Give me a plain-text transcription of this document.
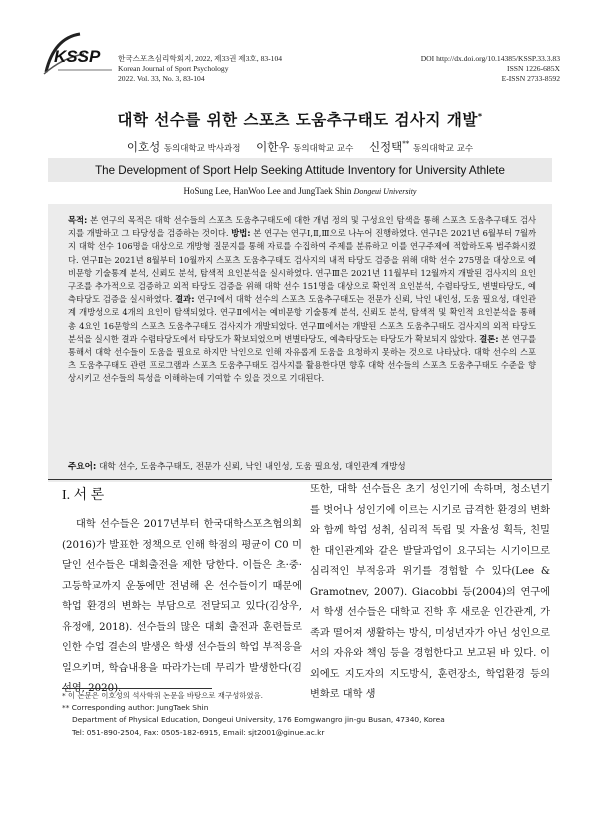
KSSP 한국스포츠심리학회지, 2022, 제33권 제3호, 83-104
Korean Journal of Sport Psychology
2022. Vol. 33, No. 3, 83-104
DOI http://dx.doi.org/10.14385/KSSP.33.3.83
ISSN 1226-685X
E-ISSN 2733-8592
대학 선수를 위한 스포츠 도움추구태도 검사지 개발*
이호성 동의대학교 박사과정 이한우 동의대학교 교수 신정택** 동의대학교 교수
The Development of Sport Help Seeking Attitude Inventory for University Athlete
HoSung Lee, HanWoo Lee and JungTaek Shin Dongeui University
목적: 본 연구의 목적은 대학 선수들의 스포츠 도움추구태도에 대한 개념 정의 및 구성요인 탐색을 통해 스포츠 도움추구태도 검사지를 개발하고 그 타당성을 검증하는 것이다. 방법: 본 연구는 연구Ⅰ,Ⅱ,Ⅲ으로 나누어 진행하였다. 연구Ⅰ은 2021년 6월부터 7월까지 대학 선수 106명을 대상으로 개방형 질문지를 통해 자료를 수집하여 주제를 분류하고 이를 연구주제에 적합하도록 범주화시켰다. 연구Ⅱ는 2021년 8월부터 10월까지 스포츠 도움추구태도 검사지의 내적 타당도 검증을 위해 대학 선수 275명을 대상으로 예비문항 기술통계 분석, 신뢰도 분석, 탐색적 요인분석을 실시하였다. 연구Ⅲ은 2021년 11월부터 12월까지 개발된 검사지의 요인구조를 추가적으로 검증하고 외적 타당도 검증을 위해 대학 선수 151명을 대상으로 확인적 요인분석, 수렴타당도, 변별타당도, 예측타당도 검증을 실시하였다. 결과: 연구Ⅰ에서 대학 선수의 스포츠 도움추구태도는 전문가 신뢰, 낙인 내인성, 도움 필요성, 대인관계 개방성으로 4개의 요인이 탐색되었다. 연구Ⅱ에서는 예비문항 기술통계 분석, 신뢰도 분석, 탐색적 및 확인적 요인분석을 통해 총 4요인 16문항의 스포츠 도움추구태도 검사지가 개발되었다. 연구Ⅲ에서는 개발된 스포츠 도움추구태도 검사지의 외적 타당도 분석을 실시한 결과 수렴타당도에서 타당도가 확보되었으며 변별타당도, 예측타당도는 타당도가 확보되지 않았다. 결론: 본 연구를 통해서 대학 선수들이 도움을 필요로 하지만 낙인으로 인해 자유롭게 도움을 요청하지 못하는 것으로 나타났다. 대학 선수의 스포츠 도움추구태도 관련 프로그램과 스포츠 도움추구태도 검사지를 활용한다면 향후 대학 선수들의 스포츠 도움추구태도 수준을 향상시키고 선수들의 특성을 이해하는데 기여할 수 있을 것으로 기대된다.
주요어: 대학 선수, 도움추구태도, 전문가 신뢰, 낙인 내인성, 도움 필요성, 대인관계 개방성
I. 서 론

대학 선수들은 2017년부터 한국대학스포츠협의회(2016)가 발표한 정책으로 인해 학점의 평균이 C0 미달인 선수들은 대회출전을 제한 당한다. 이들은 초·중·고등학교까지 운동에만 전념해 온 선수들이기 때문에 학업 환경의 변화는 부담으로 전달되고 있다(김상우, 유정애, 2018). 선수들의 많은 대회 출전과 훈련들로 인한 수업 결손의 발생은 학생 선수들의 학업 부적응을 일으키며, 학습내용을 따라가는데 무리가 발생한다(김선영, 2020).

또한, 대학 선수들은 초기 성인기에 속하며, 청소년기를 벗어나 성인기에 이르는 시기로 급격한 환경의 변화와 함께 학업 성취, 심리적 독립 및 자율성 획득, 친밀한 대인관계와 같은 발달과업이 요구되는 시기이므로 심리적인 부적응과 위기를 경험할 수 있다(Lee & Gramotnev, 2007). Giacobbi 등(2004)의 연구에서 학생 선수들은 대학교 진학 후 새로운 인간관계, 가족과 떨어져 생활하는 방식, 미성년자가 아닌 성인으로서의 자유와 책임 등을 경험한다고 보고된 바 있다. 이외에도 지도자의 지도방식, 훈련장소, 학업환경 등의 변화로 대학 생

* 이 논문은 이호성의 석사학위 논문을 바탕으로 재구성하였음.
** Corresponding author: JungTaek Shin
Department of Physical Education, Dongeui University, 176 Eomgwangro jin-gu Busan, 47340, Korea
Tel: 051-890-2504, Fax: 0505-182-6915, Email: sjt2001@ginue.ac.kr
